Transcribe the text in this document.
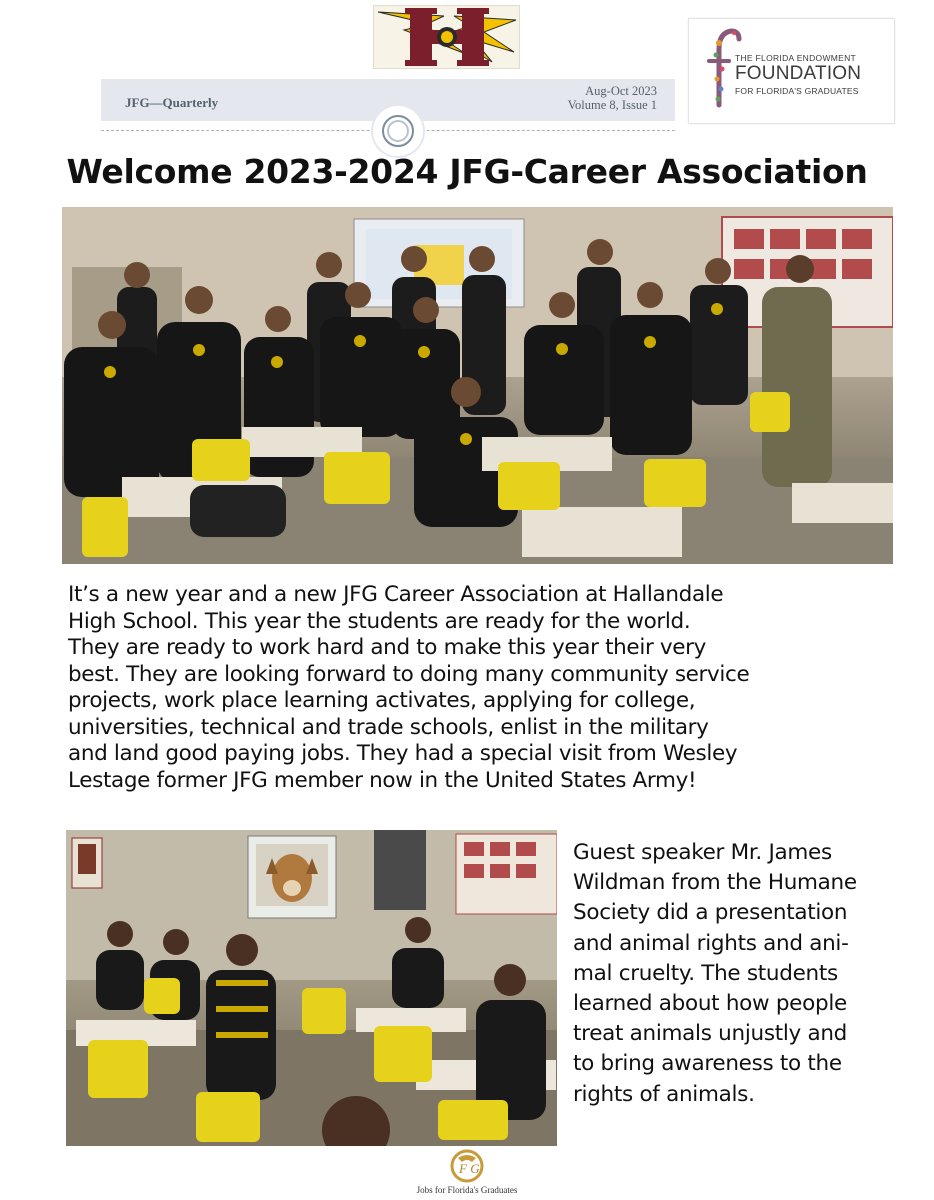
THE FLORIDA ENDOWMENT
FOUNDATION
FOR FLORIDA'S GRADUATES
JFG—Quarterly
Aug-Oct 2023
Volume 8, Issue 1
Welcome 2023-2024 JFG-Career Association
It’s a new year and a new JFG Career Association at Hallandale
High School. This year the students are ready for the world.
They are ready to work hard and to make this year their very
best. They are looking forward to doing many community service
projects, work place learning activates, applying for college,
universities, technical and trade schools, enlist in the military
and land good paying jobs. They had a special visit from Wesley
Lestage former JFG member now in the United States Army!
Guest speaker Mr. James
Wildman from the Humane
Society did a presentation
and animal rights and ani-
mal cruelty. The students
learned about how people
treat animals unjustly and
to bring awareness to the
rights of animals.
F G
Jobs for Florida's Graduates
